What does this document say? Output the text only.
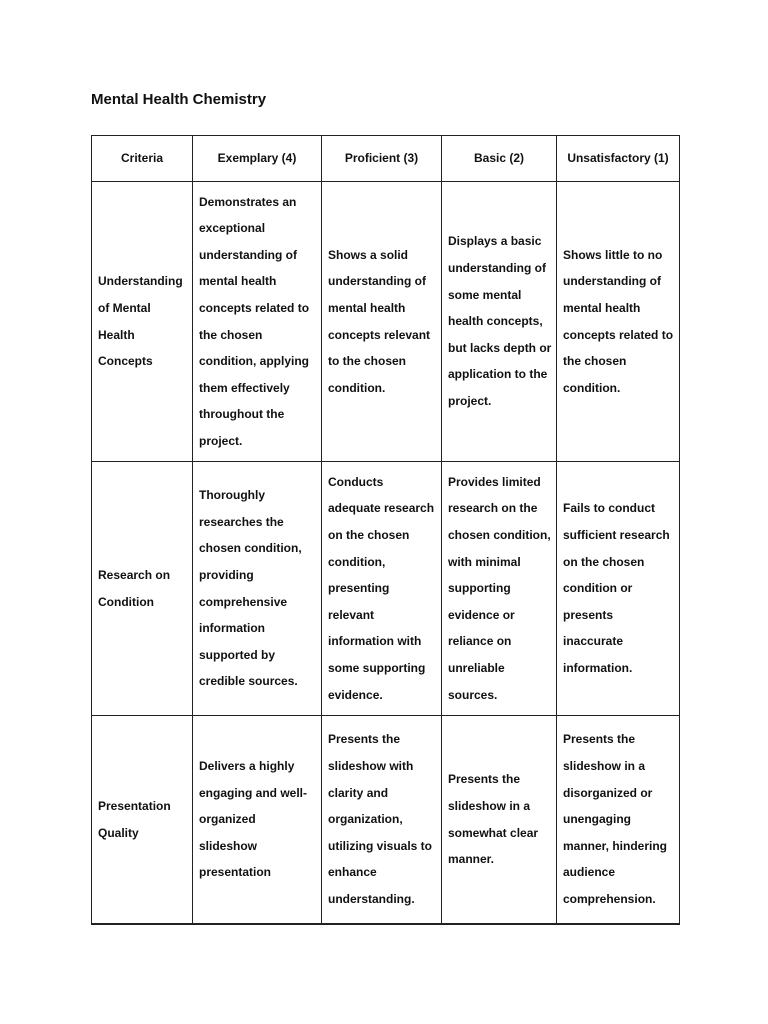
Mental Health Chemistry
Criteria	Exemplary (4)	Proficient (3)	Basic (2)	Unsatisfactory (1)
Understanding of Mental Health Concepts	Demonstrates an exceptional understanding of mental health concepts related to the chosen condition, applying them effectively throughout the project.	Shows a solid understanding of mental health concepts relevant to the chosen condition.	Displays a basic understanding of some mental health concepts, but lacks depth or application to the project.	Shows little to no understanding of mental health concepts related to the chosen condition.
Research on Condition	Thoroughly researches the chosen condition, providing comprehensive information supported by credible sources.	Conducts adequate research on the chosen condition, presenting relevant information with some supporting evidence.	Provides limited research on the chosen condition, with minimal supporting evidence or reliance on unreliable sources.	Fails to conduct sufficient research on the chosen condition or presents inaccurate information.
Presentation Quality	Delivers a highly engaging and well-organized slideshow presentation	Presents the slideshow with clarity and organization, utilizing visuals to enhance understanding.	Presents the slideshow in a somewhat clear manner.	Presents the slideshow in a disorganized or unengaging manner, hindering audience comprehension.
